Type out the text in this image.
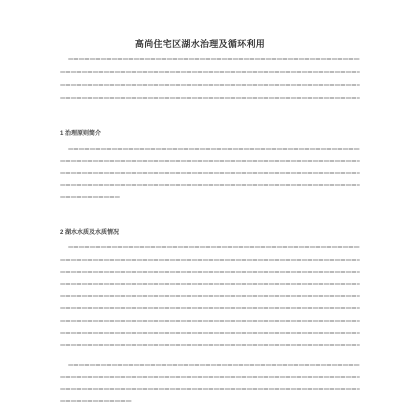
高尚住宅区湖水治理及循环利用
1 治理原则简介
2 湖水水质及水质情况
